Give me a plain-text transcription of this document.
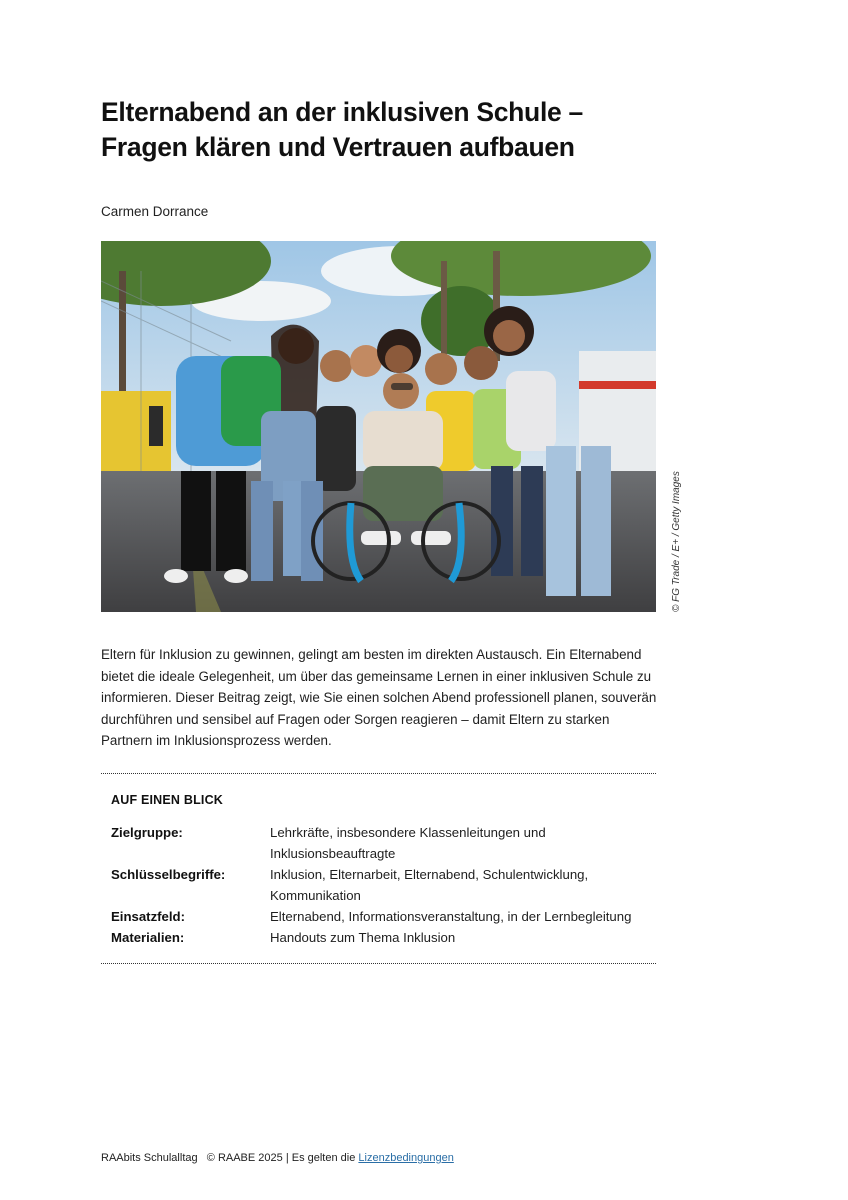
Elternabend an der inklusiven Schule – Fragen klären und Vertrauen aufbauen
Carmen Dorrance
© FG Trade / E+ / Getty Images

Eltern für Inklusion zu gewinnen, gelingt am besten im direkten Austausch. Ein Elternabend bietet die ideale Gelegenheit, um über das gemeinsame Lernen in einer inklusiven Schule zu informieren. Dieser Beitrag zeigt, wie Sie einen solchen Abend professionell planen, souverän durchführen und sensibel auf Fragen oder Sorgen reagieren – damit Eltern zu starken Partnern im Inklusionsprozess werden.

AUF EINEN BLICK
Zielgruppe:	Lehrkräfte, insbesondere Klassenleitungen und Inklusionsbeauftragte
Schlüsselbegriffe:	Inklusion, Elternarbeit, Elternabend, Schulentwicklung, Kommunikation
Einsatzfeld:	Elternabend, Informationsveranstaltung, in der Lernbegleitung
Materialien:	Handouts zum Thema Inklusion
RAAbits Schulalltag © RAABE 2025 | Es gelten die Lizenzbedingungen
